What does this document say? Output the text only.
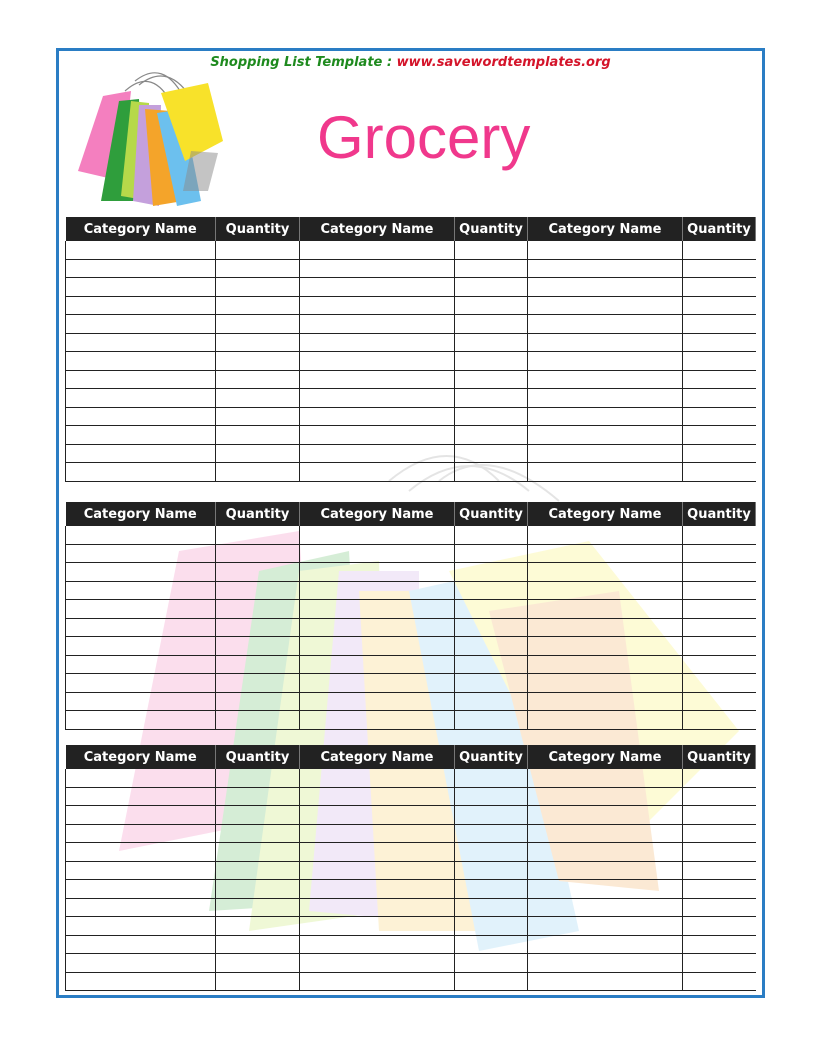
Shopping List Template : www.savewordtemplates.org
Grocery
Category Name	Quantity	Category Name	Quantity	Category Name	Quantity

Category Name	Quantity	Category Name	Quantity	Category Name	Quantity

Category Name	Quantity	Category Name	Quantity	Category Name	Quantity
